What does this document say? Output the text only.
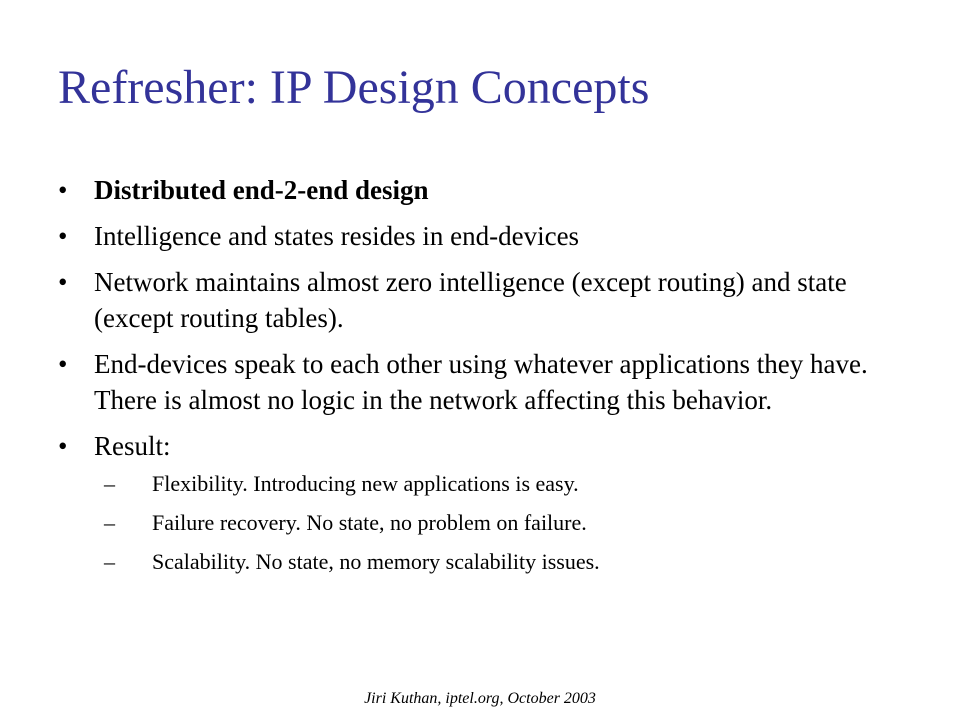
Refresher: IP Design Concepts
• Distributed end-2-end design
• Intelligence and states resides in end-devices
• Network maintains almost zero intelligence (except routing) and state (except routing tables).
• End-devices speak to each other using whatever applications they have. There is almost no logic in the network affecting this behavior.
• Result:
– Flexibility. Introducing new applications is easy.
– Failure recovery. No state, no problem on failure.
– Scalability. No state, no memory scalability issues.
Jiri Kuthan, iptel.org, October 2003
